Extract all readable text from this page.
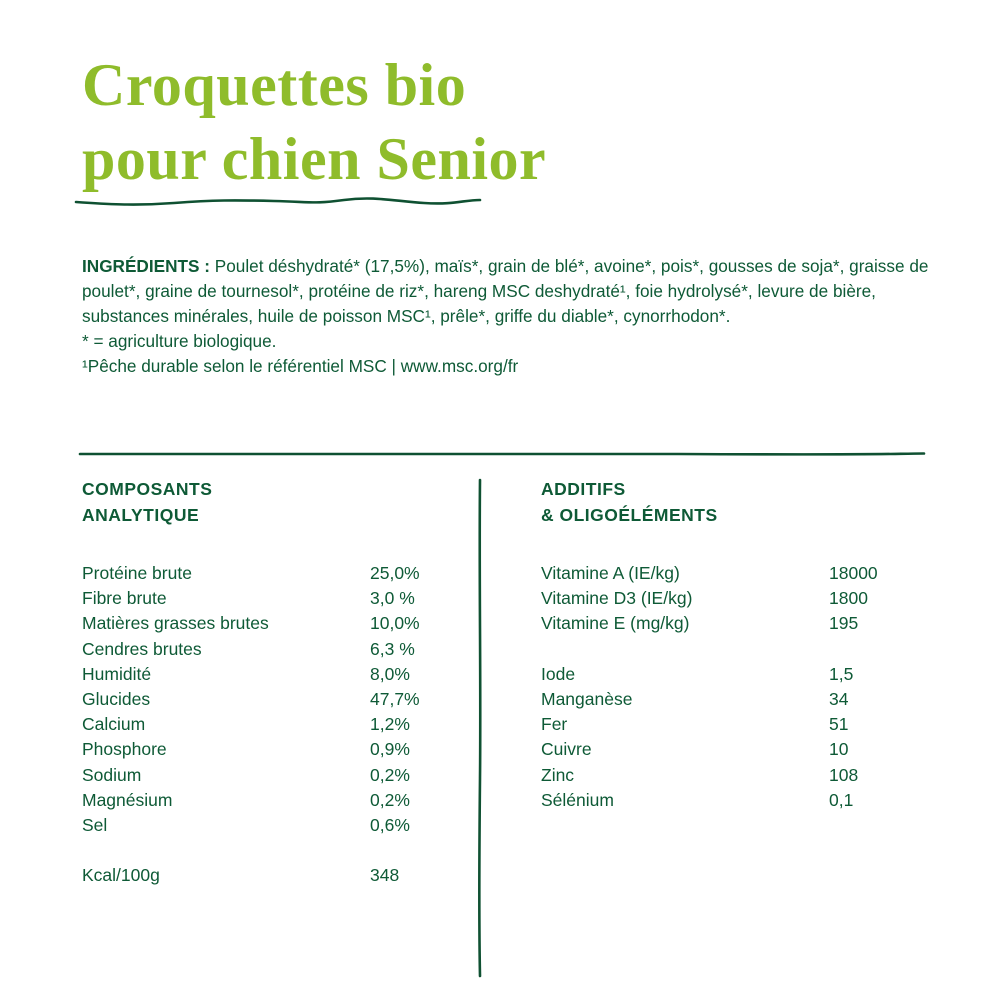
Croquettes bio
pour chien Senior

INGRÉDIENTS : Poulet déshydraté* (17,5%), maïs*, grain de blé*, avoine*, pois*, gousses de soja*, graisse de poulet*, graine de tournesol*, protéine de riz*, hareng MSC deshydraté¹, foie hydrolysé*, levure de bière, substances minérales, huile de poisson MSC¹, prêle*, griffe du diable*, cynorrhodon*.

* = agriculture biologique.

¹Pêche durable selon le référentiel MSC | www.msc.org/fr

COMPOSANTS
ANALYTIQUE
Protéine brute	25,0%
Fibre brute	3,0 %
Matières grasses brutes	10,0%
Cendres brutes	6,3 %
Humidité	8,0%
Glucides	47,7%
Calcium	1,2%
Phosphore	0,9%
Sodium	0,2%
Magnésium	0,2%
Sel	0,6%
Kcal/100g	348
ADDITIFS
& OLIGOÉLÉMENTS
Vitamine A (IE/kg)	18000
Vitamine D3 (IE/kg)	1800
Vitamine E (mg/kg)	195
Iode	1,5
Manganèse	34
Fer	51
Cuivre	10
Zinc	108
Sélénium	0,1
